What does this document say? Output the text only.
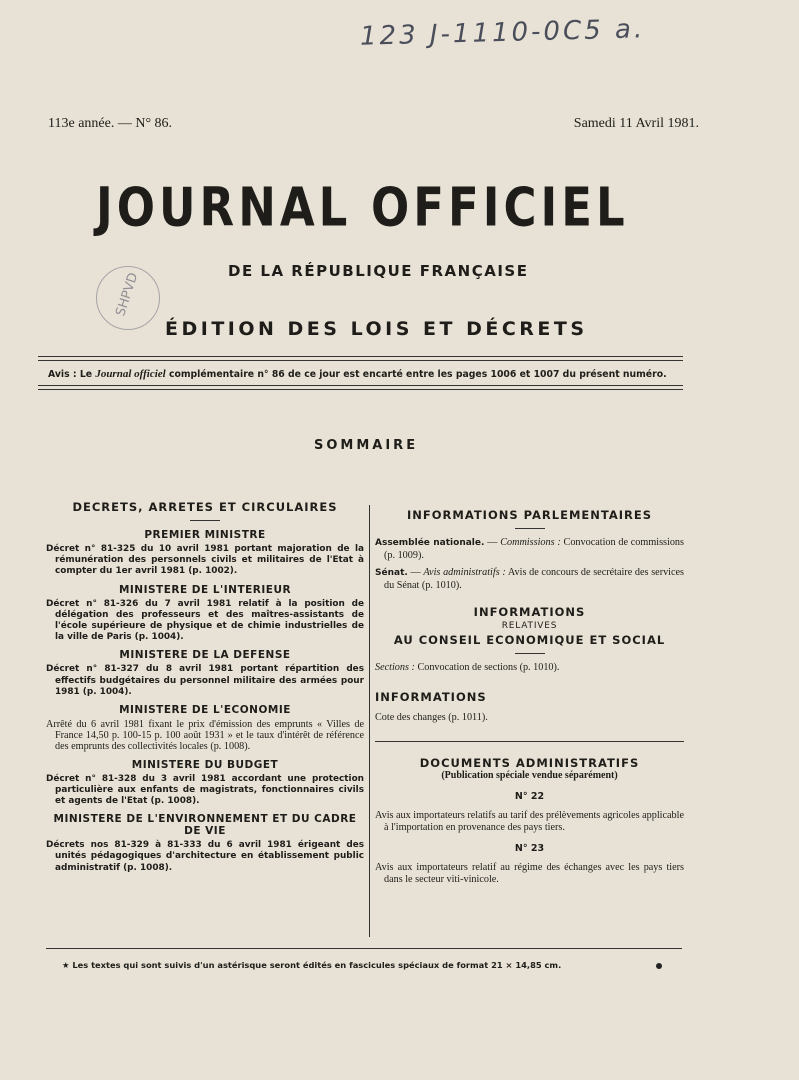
123 J-1110-0C5 a.
113e année. — N° 86.	Samedi 11 Avril 1981.
JOURNAL OFFICIEL
SHPVD	DE LA RÉPUBLIQUE FRANÇAISE
ÉDITION DES LOIS ET DÉCRETS
Avis : Le Journal officiel complémentaire n° 86 de ce jour est encarté entre les pages 1006 et 1007 du présent numéro.
SOMMAIRE
DECRETS, ARRETES ET CIRCULAIRES
PREMIER MINISTRE
Décret n° 81-325 du 10 avril 1981 portant majoration de la rémunération des personnels civils et militaires de l'Etat à compter du 1er avril 1981 (p. 1002).
MINISTERE DE L'INTERIEUR
Décret n° 81-326 du 7 avril 1981 relatif à la position de délégation des professeurs et des maîtres-assistants de l'école supérieure de physique et de chimie industrielles de la ville de Paris (p. 1004).
MINISTERE DE LA DEFENSE
Décret n° 81-327 du 8 avril 1981 portant répartition des effectifs budgétaires du personnel militaire des armées pour 1981 (p. 1004).
MINISTERE DE L'ECONOMIE
Arrêté du 6 avril 1981 fixant le prix d'émission des emprunts « Villes de France 14,50 p. 100-15 p. 100 août 1931 » et le taux d'intérêt de référence des emprunts des collectivités locales (p. 1008).
MINISTERE DU BUDGET
Décret n° 81-328 du 3 avril 1981 accordant une protection particulière aux enfants de magistrats, fonctionnaires civils et agents de l'Etat (p. 1008).
MINISTERE DE L'ENVIRONNEMENT ET DU CADRE DE VIE
Décrets nos 81-329 à 81-333 du 6 avril 1981 érigeant des unités pédagogiques d'architecture en établissement public administratif (p. 1008).
INFORMATIONS PARLEMENTAIRES
Assemblée nationale. — Commissions : Convocation de commissions (p. 1009).
Sénat. — Avis administratifs : Avis de concours de secrétaire des services du Sénat (p. 1010).
INFORMATIONS
RELATIVES
AU CONSEIL ECONOMIQUE ET SOCIAL
Sections : Convocation de sections (p. 1010).
INFORMATIONS
Cote des changes (p. 1011).
DOCUMENTS ADMINISTRATIFS
(Publication spéciale vendue séparément)
N° 22
Avis aux importateurs relatifs au tarif des prélèvements agricoles applicable à l'importation en provenance des pays tiers.
N° 23
Avis aux importateurs relatif au régime des échanges avec les pays tiers dans le secteur viti-vinicole.
★ Les textes qui sont suivis d'un astérisque seront édités en fascicules spéciaux de format 21 × 14,85 cm.
